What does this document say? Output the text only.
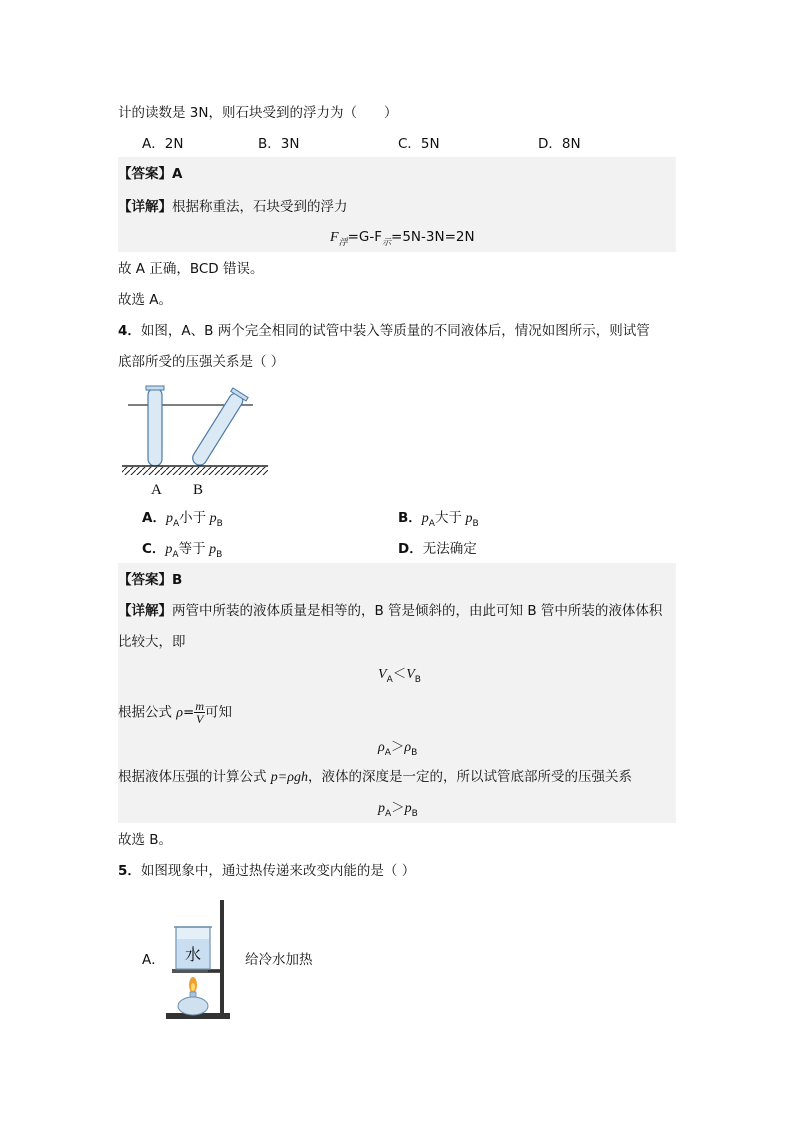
计的读数是 3N，则石块受到的浮力为（　　）
A．2N	B．3N	C．5N	D．8N
【答案】A
【详解】根据称重法，石块受到的浮力
$F_浮=G-F_示=5N-3N=2N$
故 A 正确，BCD 错误。
故选 A。
4．如图，A、B 两个完全相同的试管中装入等质量的不同液体后，情况如图所示，则试管
底部所受的压强关系是（ ）
A B
A．$p_A$小于 $p_B$	B．$p_A$大于 $p_B$
C．$p_A$等于 $p_B$	D．无法确定
【答案】B
【详解】两管中所装的液体质量是相等的，B 管是倾斜的，由此可知 B 管中所装的液体体积
比较大，即
$V_A<V_B$
根据公式 $\rho= \frac{m}{V}$ 可知
$\rho_A>\rho_B$
根据液体压强的计算公式 p=ρgh，液体的深度是一定的，所以试管底部所受的压强关系
$p_A>p_B$
故选 B。
5．如图现象中，通过热传递来改变内能的是（ ）
A． 水	给冷水加热
